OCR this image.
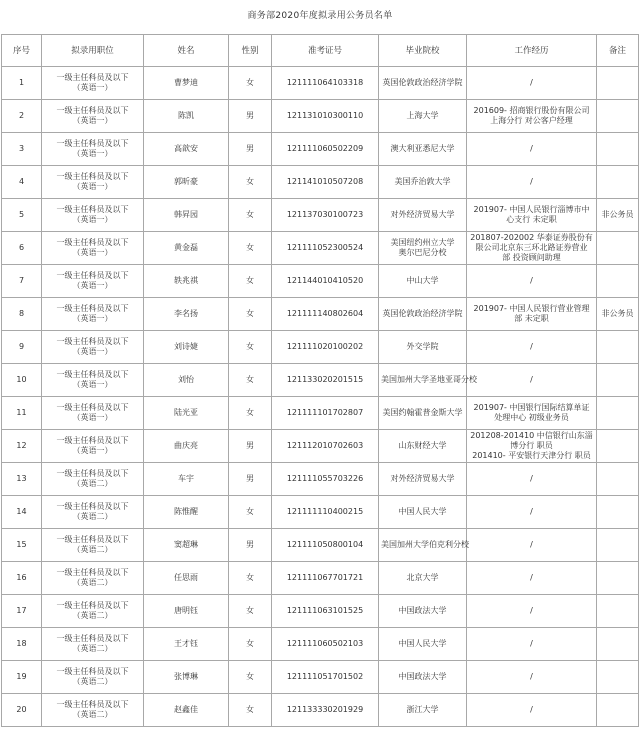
商务部2020年度拟录用公务员名单
序号	拟录用职位	姓名	性别	准考证号	毕业院校	工作经历	备注
1	一级主任科员及以下
（英语一）	曹梦迪	女	121111064103318	英国伦敦政治经济学院	/	

2	一级主任科员及以下
（英语一）	陈凯	男	121131010300110	上海大学	201609- 招商银行股份有限公司
上海分行 对公客户经理	

3	一级主任科员及以下
（英语一）	高歆安	男	121111060502209	澳大利亚悉尼大学	/	

4	一级主任科员及以下
（英语一）	郭昕豪	女	121141010507208	美国乔治敦大学	/	

5	一级主任科员及以下
（英语一）	韩昇园	女	121137030100723	对外经济贸易大学	201907- 中国人民银行淄博市中
心支行 未定职	非公务员
6	一级主任科员及以下
（英语一）	黄金磊	女	121111052300524	美国纽约州立大学
奥尔巴尼分校	201807-202002 华泰证券股份有
限公司北京东三环北路证券营业
部 投资顾问助理	

7	一级主任科员及以下
（英语一）	轶兆祺	女	121144010410520	中山大学	/	

8	一级主任科员及以下
（英语一）	李名扬	女	121111140802604	英国伦敦政治经济学院	201907- 中国人民银行营业管理
部 未定职	非公务员
9	一级主任科员及以下
（英语一）	刘诗婕	女	121111020100202	外交学院	/	

10	一级主任科员及以下
（英语一）	刘怡	女	121133020201515	美国加州大学圣地亚哥分校	/	

11	一级主任科员及以下
（英语一）	陆光亚	女	121111101702807	美国约翰霍普金斯大学	201907- 中国银行国际结算单证
处理中心 初级业务员	

12	一级主任科员及以下
（英语一）	曲庆亮	男	121112010702603	山东财经大学	201208-201410 中信银行山东淄
博分行 职员
201410- 平安银行天津分行 职员	

13	一级主任科员及以下
（英语二）	车宇	男	121111055703226	对外经济贸易大学	/	

14	一级主任科员及以下
（英语二）	陈惟醒	女	121111110400215	中国人民大学	/	

15	一级主任科员及以下
（英语二）	窦超琳	男	121111050800104	美国加州大学伯克利分校	/	

16	一级主任科员及以下
（英语二）	任思雨	女	121111067701721	北京大学	/	

17	一级主任科员及以下
（英语二）	唐明钰	女	121111063101525	中国政法大学	/	

18	一级主任科员及以下
（英语二）	王才钰	女	121111060502103	中国人民大学	/	

19	一级主任科员及以下
（英语二）	张博琳	女	121111051701502	中国政法大学	/	

20	一级主任科员及以下
（英语二）	赵鑫佳	女	121133330201929	浙江大学	/	
